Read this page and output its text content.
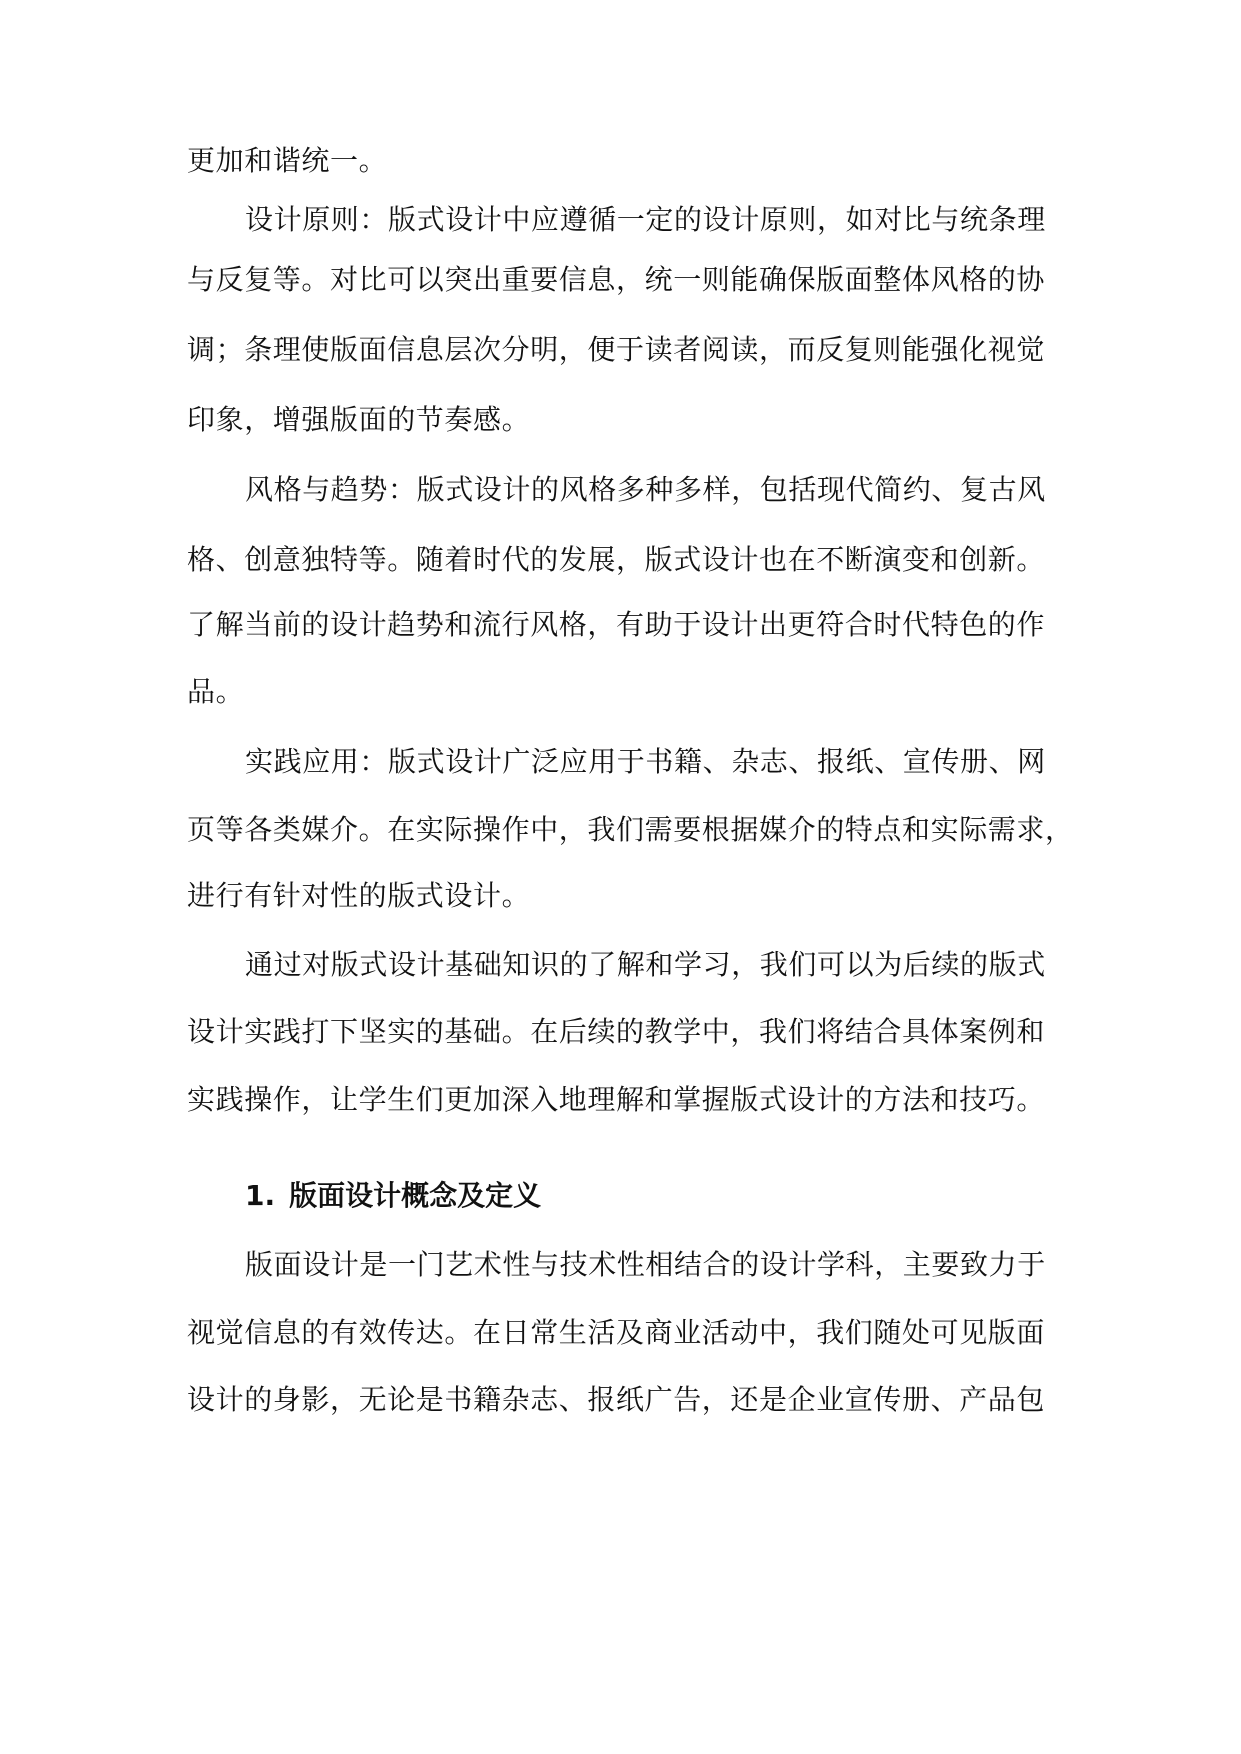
更加和谐统一。
设计原则：版式设计中应遵循一定的设计原则，如对比与统条理
与反复等。对比可以突出重要信息，统一则能确保版面整体风格的协
调；条理使版面信息层次分明，便于读者阅读，而反复则能强化视觉
印象，增强版面的节奏感。
风格与趋势：版式设计的风格多种多样，包括现代简约、复古风
格、创意独特等。随着时代的发展，版式设计也在不断演变和创新。
了解当前的设计趋势和流行风格，有助于设计出更符合时代特色的作
品。
实践应用：版式设计广泛应用于书籍、杂志、报纸、宣传册、网
页等各类媒介。在实际操作中，我们需要根据媒介的特点和实际需求，
进行有针对性的版式设计。
通过对版式设计基础知识的了解和学习，我们可以为后续的版式
设计实践打下坚实的基础。在后续的教学中，我们将结合具体案例和
实践操作，让学生们更加深入地理解和掌握版式设计的方法和技巧。
1. 版面设计概念及定义
版面设计是一门艺术性与技术性相结合的设计学科，主要致力于
视觉信息的有效传达。在日常生活及商业活动中，我们随处可见版面
设计的身影，无论是书籍杂志、报纸广告，还是企业宣传册、产品包
